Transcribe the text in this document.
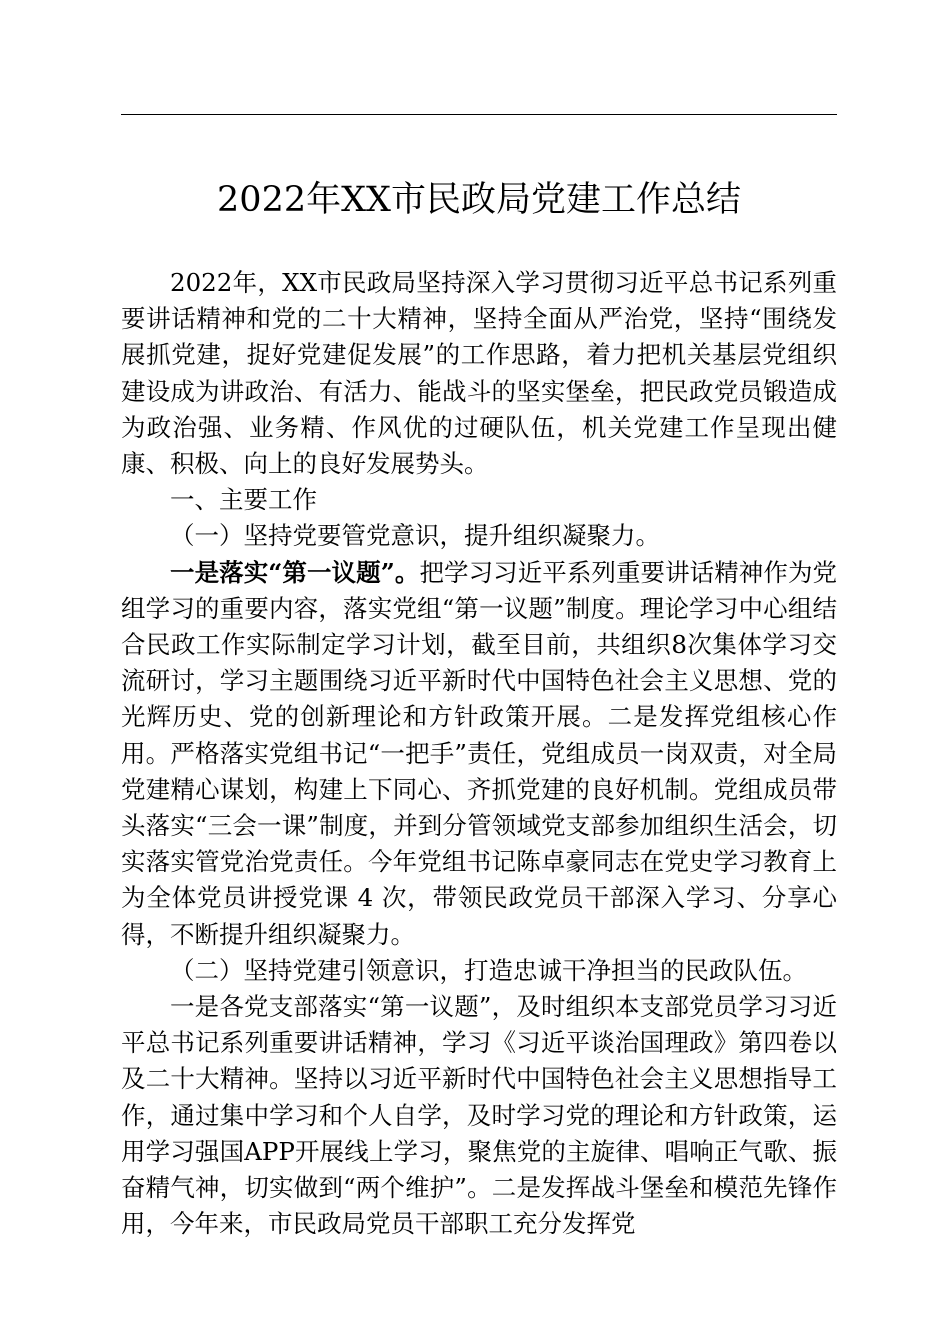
2022年XX市民政局党建工作总结

2022年，XX市民政局坚持深入学习贯彻习近平总书记系列重要讲话精神和党的二十大精神，坚持全面从严治党，坚持“围绕发展抓党建，捉好党建促发展”的工作思路，着力把机关基层党组织建设成为讲政治、有活力、能战斗的坚实堡垒，把民政党员锻造成为政治强、业务精、作风优的过硬队伍，机关党建工作呈现出健康、积极、向上的良好发展势头。

一、主要工作

（一）坚持党要管党意识，提升组织凝聚力。

一是落实“第一议题”。把学习习近平系列重要讲话精神作为党组学习的重要内容，落实党组“第一议题”制度。理论学习中心组结合民政工作实际制定学习计划，截至目前，共组织8次集体学习交流研讨，学习主题围绕习近平新时代中国特色社会主义思想、党的光辉历史、党的创新理论和方针政策开展。二是发挥党组核心作用。严格落实党组书记“一把手”责任，党组成员一岗双责，对全局党建精心谋划，构建上下同心、齐抓党建的良好机制。党组成员带头落实“三会一课”制度，并到分管领域党支部参加组织生活会，切实落实管党治党责任。今年党组书记陈卓豪同志在党史学习教育上为全体党员讲授党课 4 次，带领民政党员干部深入学习、分享心得，不断提升组织凝聚力。

（二）坚持党建引领意识，打造忠诚干净担当的民政队伍。

一是各党支部落实“第一议题”，及时组织本支部党员学习习近平总书记系列重要讲话精神，学习《习近平谈治国理政》第四卷以及二十大精神。坚持以习近平新时代中国特色社会主义思想指导工作，通过集中学习和个人自学，及时学习党的理论和方针政策，运用学习强国APP开展线上学习，聚焦党的主旋律、唱响正气歌、振奋精气神，切实做到“两个维护”。二是发挥战斗堡垒和模范先锋作用，今年来，市民政局党员干部职工充分发挥党
